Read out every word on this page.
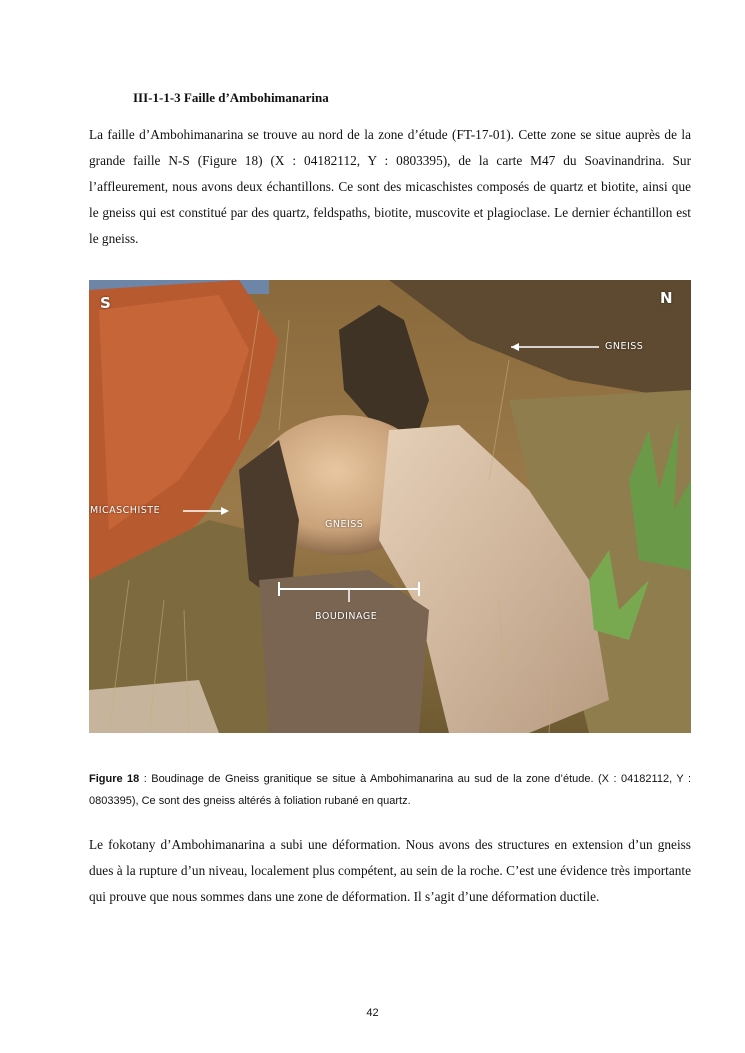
III-1-1-3 Faille d’Ambohimanarina

La faille d’Ambohimanarina se trouve au nord de la zone d’étude (FT-17-01). Cette zone se situe auprès de la grande faille N-S (Figure 18) (X : 04182112, Y : 0803395), de la carte M47 du Soavinandrina. Sur l’affleurement, nous avons deux échantillons. Ce sont des micaschistes composés de quartz et biotite, ainsi que le gneiss qui est constitué par des quartz, feldspaths, biotite, muscovite et plagioclase. Le dernier échantillon est le gneiss.

S	N
GNEISS
MICASCHISTE
GNEISS
BOUDINAGE

Figure 18 : Boudinage de Gneiss granitique se situe à Ambohimanarina au sud de la zone d’étude. (X : 04182112, Y : 0803395), Ce sont des gneiss altérés à foliation rubané en quartz.

Le fokotany d’Ambohimanarina a subi une déformation. Nous avons des structures en extension d’un gneiss dues à la rupture d’un niveau, localement plus compétent, au sein de la roche. C’est une évidence très importante qui prouve que nous sommes dans une zone de déformation. Il s’agit d’une déformation ductile.

42
